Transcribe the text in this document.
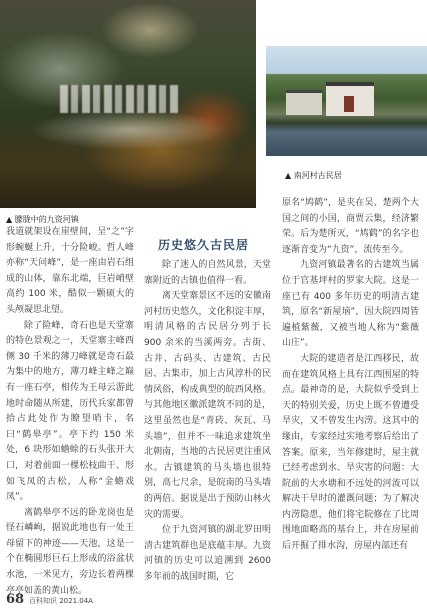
▲ 朦胧中的九资河镇
▲ 南河村古民居

我道就架设在崖壁间，呈“之”字形蜿蜒上升，十分险峻。哲人峰亦称“天问峰”，是一座由岩石组成的山体，靠东北端，巨岩峭壁高约 100 米，酷似一颗硕大的头颅凝思北望。

除了险峰，奇石也是天堂寨的特色景观之一，天堂寨主峰西侧 30 千米的薄刀峰就是奇石最为集中的地方，薄刀峰主峰之巅有一座石亭，相传为王母云游此地时命随从所建，历代兵家都曾拾占此处作为瞭望哨卡，名曰“鹤皋亭”。亭下约 150 米处，6 块形如蟾蜍的石头张开大口，对着前面一棵松枝曲干、形如飞凤的古松，人称“金蟾戏凤”。

离鹤皋亭不远的卧龙岗也是怪石嶙峋，据说此地也有一处王母留下的神迹——天池，这是一个在椭圆形巨石上形成的浴盆状水池，一米见方，旁边长着两棵亭亭如盖的黄山松。

历史悠久古民居

除了迷人的自然风景，天堂寨附近的古镇也值得一看。

离天堂寨景区不远的安徽南河村历史悠久，文化积淀丰厚，明清风格的古民居分列于长 900 余米的当溪两旁。古街、古井、古码头、古建筑、古民居、古集市，加上古风淳朴的民情风俗，构成典型的皖西风格。与其他地区徽派建筑不同的是，这里虽然也是“青砖、灰瓦、马头墙”，但并不一味追求建筑坐北朝南，当地的古民居更注重风水。古镇建筑的马头墙也很特别，高七尺余，是皖南的马头墙的两倍。据说是出于预防山林火灾的需要。

位于九资河镇的湖北罗田明清古建筑群也是底蕴丰厚。九资河镇的历史可以追溯到 2600 多年前的战国时期，它

原名“鸠鹤”，是夹在吴、楚两个大国之间的小国，商贾云集，经济繁荣。后为楚所灭，“鸠鹤”的名字也逐渐音变为“九资”，流传至今。

九资河镇最著名的古建筑当属位于官基坪村的罗家大院。这是一座已有 400 多年历史的明清古建筑，原名“新屋垴”，因大院四周皆遍植紫薇，又被当地人称为“紫薇山庄”。

大院的建造者是江西移民，故而在建筑风格上具有江西围屋的特点。最神奇的是，大院似乎受到上天的特别关爱，历史上既不曾遭受旱灾，又不曾发生内涝。这其中的缘由，专家经过实地考察后给出了答案。原来，当年修建时，屋主就已经考虑到水、旱灾害的问题：大院前的大水塘和不远处的河流可以解决干旱时的灌溉问题；为了解决内涝隐患，他们将宅院修在了比周围地面略高的基台上，并在房屋前后开掘了排水沟，房屋内部还有

68 百科知识 2021.04A
